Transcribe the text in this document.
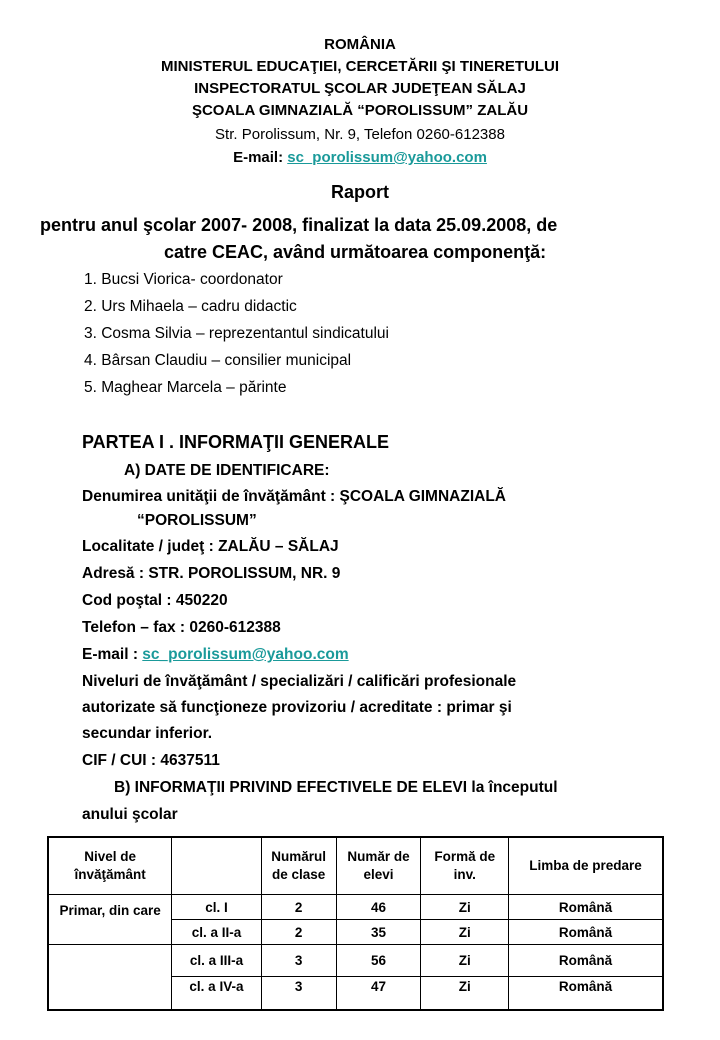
ROMÂNIA
MINISTERUL EDUCAŢIEI, CERCETĂRII ŞI TINERETULUI
INSPECTORATUL ŞCOLAR JUDEŢEAN SĂLAJ
ŞCOALA GIMNAZIALĂ “POROLISSUM” ZALĂU
Str. Porolissum, Nr. 9, Telefon 0260-612388
E-mail: sc_porolissum@yahoo.com
Raport
pentru anul şcolar 2007- 2008, finalizat la data 25.09.2008, de
catre CEAC, având următoarea componenţă:
1. Bucsi Viorica- coordonator
2. Urs Mihaela – cadru didactic
3. Cosma Silvia – reprezentantul sindicatului
4. Bârsan Claudiu – consilier municipal
5. Maghear Marcela – părinte
PARTEA I . INFORMAŢII GENERALE
A) DATE DE IDENTIFICARE:
Denumirea unităţii de învăţământ : ŞCOALA GIMNAZIALĂ
“POROLISSUM”
Localitate / judeţ : ZALĂU – SĂLAJ
Adresă : STR. POROLISSUM, NR. 9
Cod poştal : 450220
Telefon – fax : 0260-612388
E-mail : sc_porolissum@yahoo.com
Niveluri de învăţământ / specializări / calificări profesionale
autorizate să funcţioneze provizoriu / acreditate : primar şi
secundar inferior.
CIF / CUI : 4637511
B) INFORMAŢII PRIVIND EFECTIVELE DE ELEVI la începutul
anului şcolar
Nivel de învăţământ		Numărul de clase	Număr de elevi	Formă de inv.	Limba de predare
Primar, din care	cl. I	2	46	Zi	Română
	cl. a II-a	2	35	Zi	Română
	cl. a III-a	3	56	Zi	Română
	cl. a IV-a	3	47	Zi	Română
